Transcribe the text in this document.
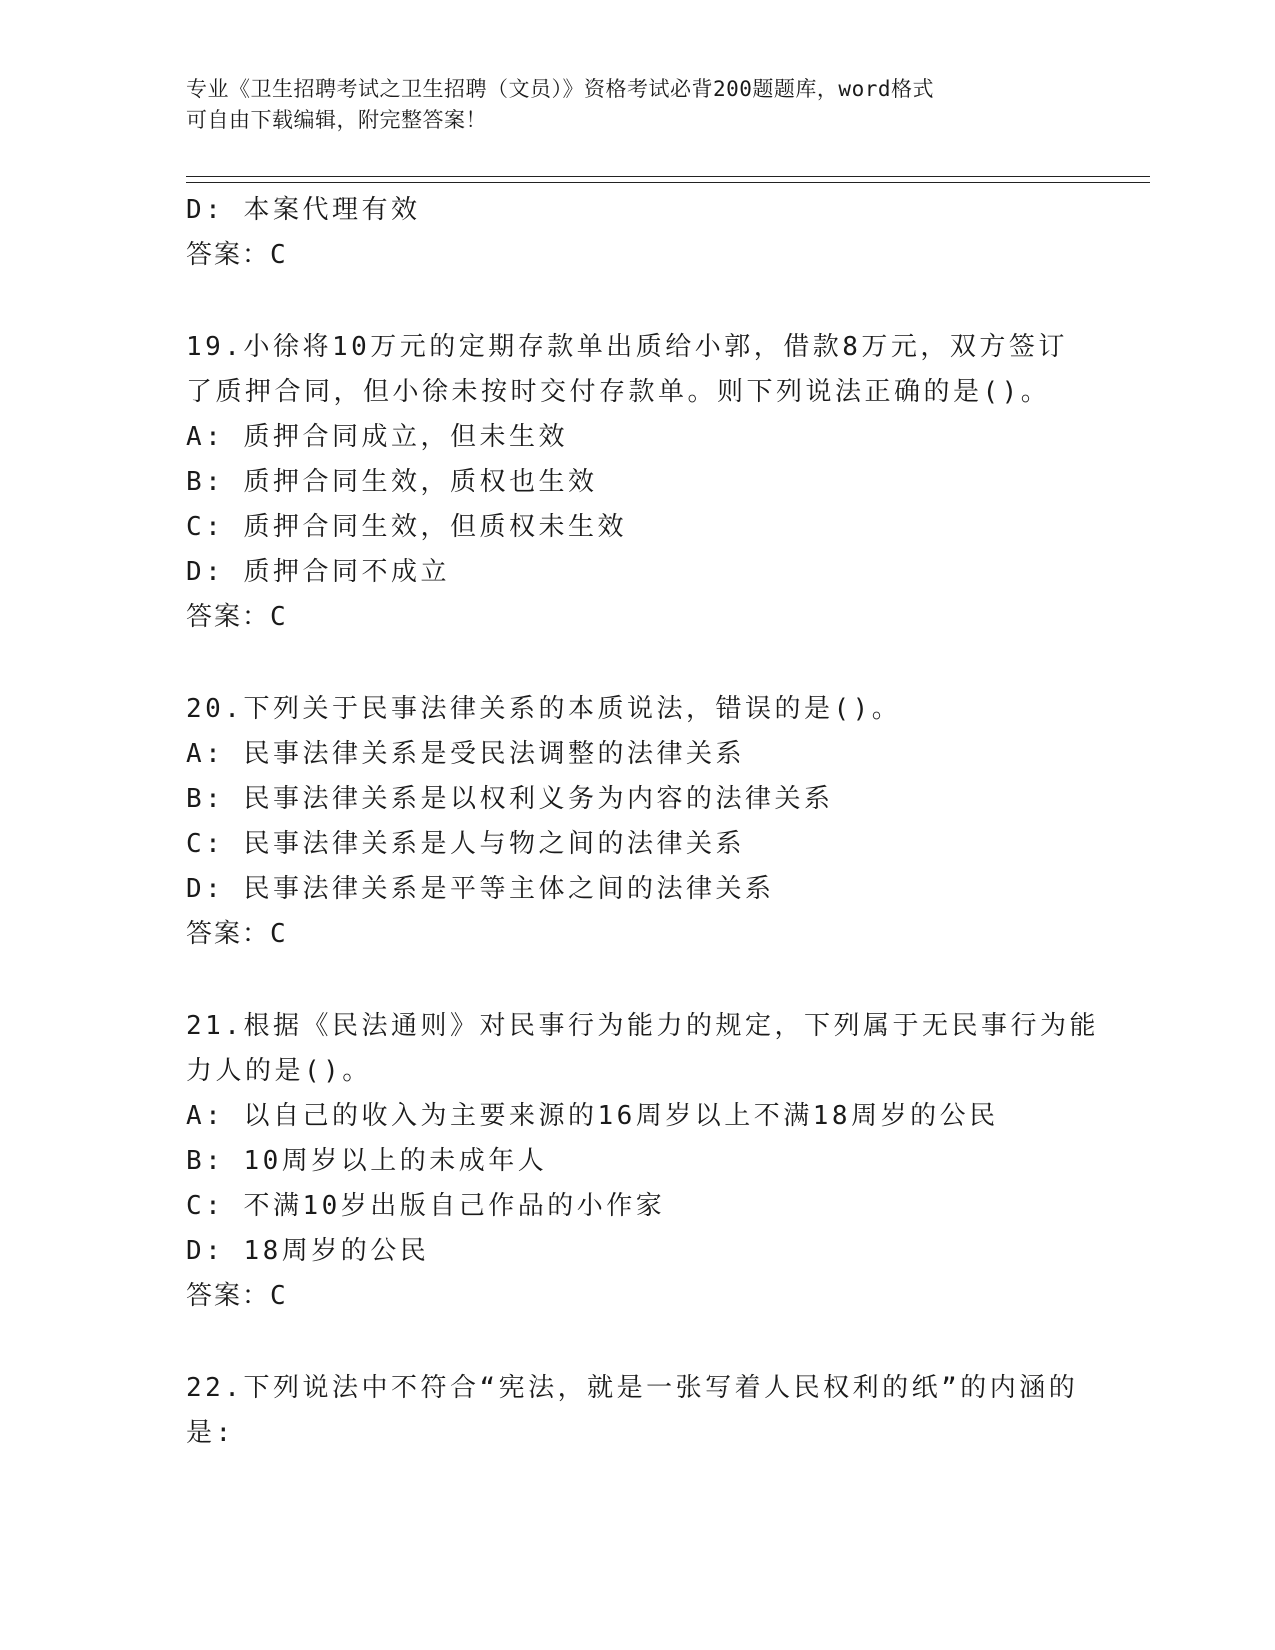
专业《卫生招聘考试之卫生招聘（文员）》资格考试必背200题题库，word格式
可自由下载编辑，附完整答案！
D: 本案代理有效
答案：C
19.小徐将10万元的定期存款单出质给小郭，借款8万元，双方签订
了质押合同，但小徐未按时交付存款单。则下列说法正确的是()。
A: 质押合同成立，但未生效
B: 质押合同生效，质权也生效
C: 质押合同生效，但质权未生效
D: 质押合同不成立
答案：C
20.下列关于民事法律关系的本质说法，错误的是()。
A: 民事法律关系是受民法调整的法律关系
B: 民事法律关系是以权利义务为内容的法律关系
C: 民事法律关系是人与物之间的法律关系
D: 民事法律关系是平等主体之间的法律关系
答案：C
21.根据《民法通则》对民事行为能力的规定，下列属于无民事行为能
力人的是()。
A: 以自己的收入为主要来源的16周岁以上不满18周岁的公民
B: 10周岁以上的未成年人
C: 不满10岁出版自己作品的小作家
D: 18周岁的公民
答案：C
22.下列说法中不符合“宪法，就是一张写着人民权利的纸”的内涵的
是:
